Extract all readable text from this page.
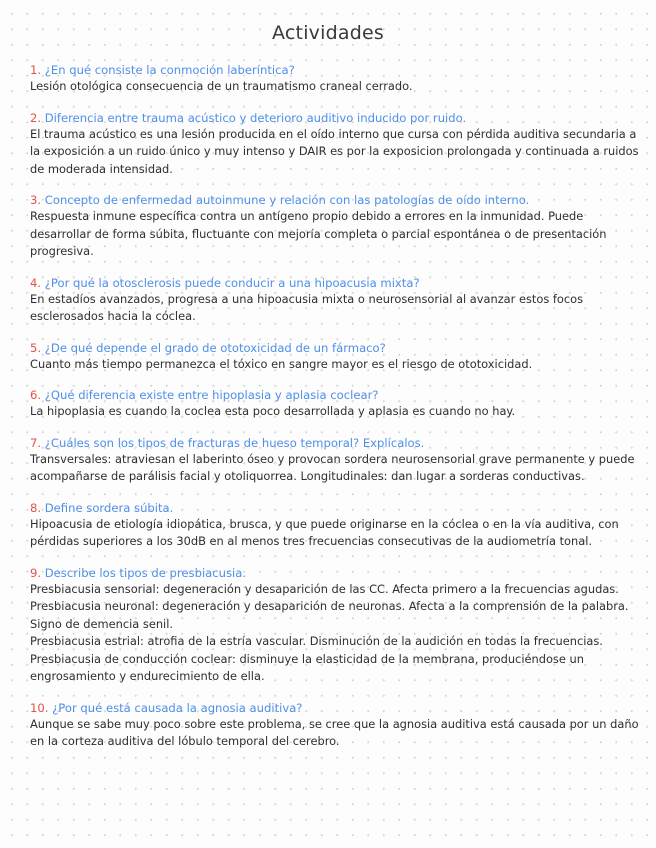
Actividades

1. ¿En qué consiste la conmoción laberíntica?

Lesión otológica consecuencia de un traumatismo craneal cerrado.

2. Diferencia entre trauma acústico y deterioro auditivo inducido por ruido.

El trauma acústico es una lesión producida en el oído interno que cursa con pérdida auditiva secundaria a la exposición a un ruido único y muy intenso y DAIR es por la exposicion prolongada y continuada a ruidos de moderada intensidad.

3. Concepto de enfermedad autoinmune y relación con las patologías de oído interno.

Respuesta inmune específica contra un antígeno propio debido a errores en la inmunidad. Puede desarrollar de forma súbita, fluctuante con mejoría completa o parcial espontánea o de presentación progresiva.

4. ¿Por qué la otosclerosis puede conducir a una hipoacusia mixta?

En estadíos avanzados, progresa a una hipoacusia mixta o neurosensorial al avanzar estos focos esclerosados hacia la cóclea.

5. ¿De qué depende el grado de ototoxicidad de un fármaco?

Cuanto más tiempo permanezca el tóxico en sangre mayor es el riesgo de ototoxicidad.

6. ¿Qué diferencia existe entre hipoplasia y aplasia coclear?

La hipoplasia es cuando la coclea esta poco desarrollada y aplasia es cuando no hay.

7. ¿Cuáles son los tipos de fracturas de hueso temporal? Explícalos.

Transversales: atraviesan el laberinto óseo y provocan sordera neurosensorial grave permanente y puede acompañarse de parálisis facial y otoliquorrea. Longitudinales: dan lugar a sorderas conductivas.

8. Define sordera súbita.

Hipoacusia de etiología idiopática, brusca, y que puede originarse en la cóclea o en la vía auditiva, con pérdidas superiores a los 30dB en al menos tres frecuencias consecutivas de la audiometría tonal.

9. Describe los tipos de presbiacusia.

Presbiacusia sensorial: degeneración y desaparición de las CC. Afecta primero a la frecuencias agudas.

Presbiacusia neuronal: degeneración y desaparición de neuronas. Afecta a la comprensión de la palabra. Signo de demencia senil.

Presbiacusia estrial: atrofia de la estría vascular. Disminución de la audición en todas la frecuencias.

Presbiacusia de conducción coclear: disminuye la elasticidad de la membrana, produciéndose un engrosamiento y endurecimiento de ella.

10. ¿Por qué está causada la agnosia auditiva?

Aunque se sabe muy poco sobre este problema, se cree que la agnosia auditiva está causada por un daño en la corteza auditiva del lóbulo temporal del cerebro.
